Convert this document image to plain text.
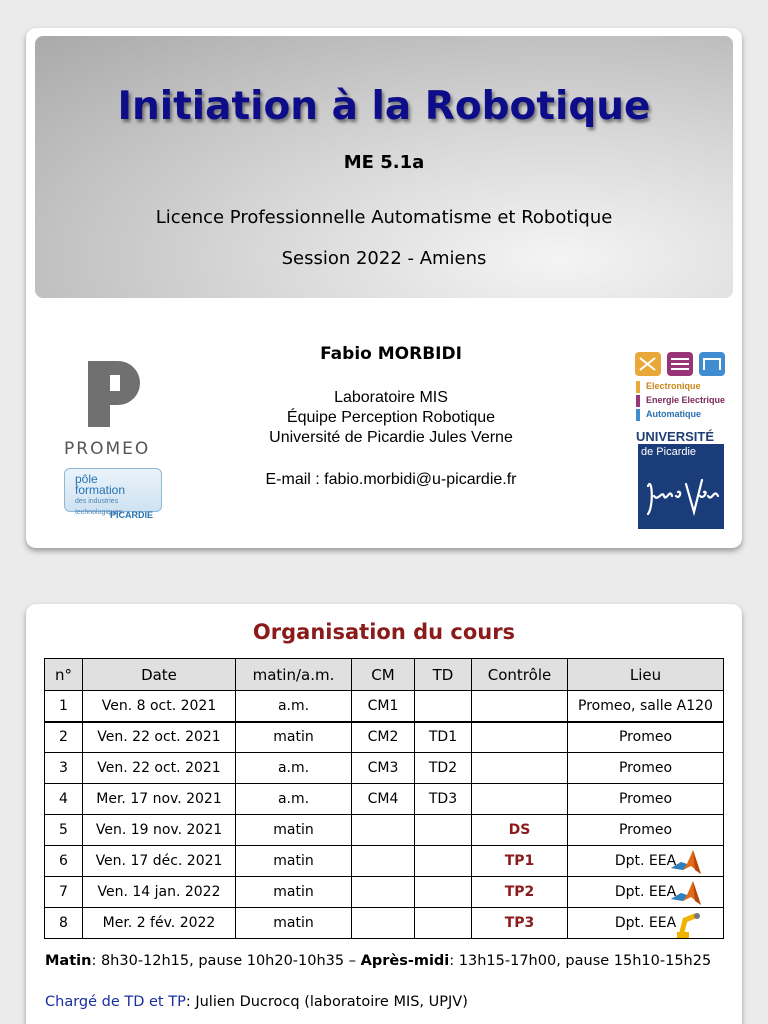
Initiation à la Robotique
ME 5.1a
Licence Professionnelle Automatisme et Robotique
Session 2022 - Amiens
Fabio MORBIDI
Laboratoire MIS
Équipe Perception Robotique
Université de Picardie Jules Verne
E-mail : fabio.morbidi@u-picardie.fr
PROMEO
pôle
formation
des industries technologiques
PICARDIE
Electronique
Energie Electrique
Automatique
UNIVERSITÉ
de Picardie
Organisation du cours
n°	Date	matin/a.m.	CM	TD	Contrôle	Lieu
1	Ven. 8 oct. 2021	a.m.	CM1			Promeo, salle A120
2	Ven. 22 oct. 2021	matin	CM2	TD1		Promeo
3	Ven. 22 oct. 2021	a.m.	CM3	TD2		Promeo
4	Mer. 17 nov. 2021	a.m.	CM4	TD3		Promeo
5	Ven. 19 nov. 2021	matin			DS	Promeo
6	Ven. 17 déc. 2021	matin			TP1	Dpt. EEA

7	Ven. 14 jan. 2022	matin			TP2	Dpt. EEA

8	Mer. 2 fév. 2022	matin			TP3	Dpt. EEA
Matin: 8h30-12h15, pause 10h20-10h35 – Après-midi: 13h15-17h00, pause 15h10-15h25
Chargé de TD et TP: Julien Ducrocq (laboratoire MIS, UPJV)
